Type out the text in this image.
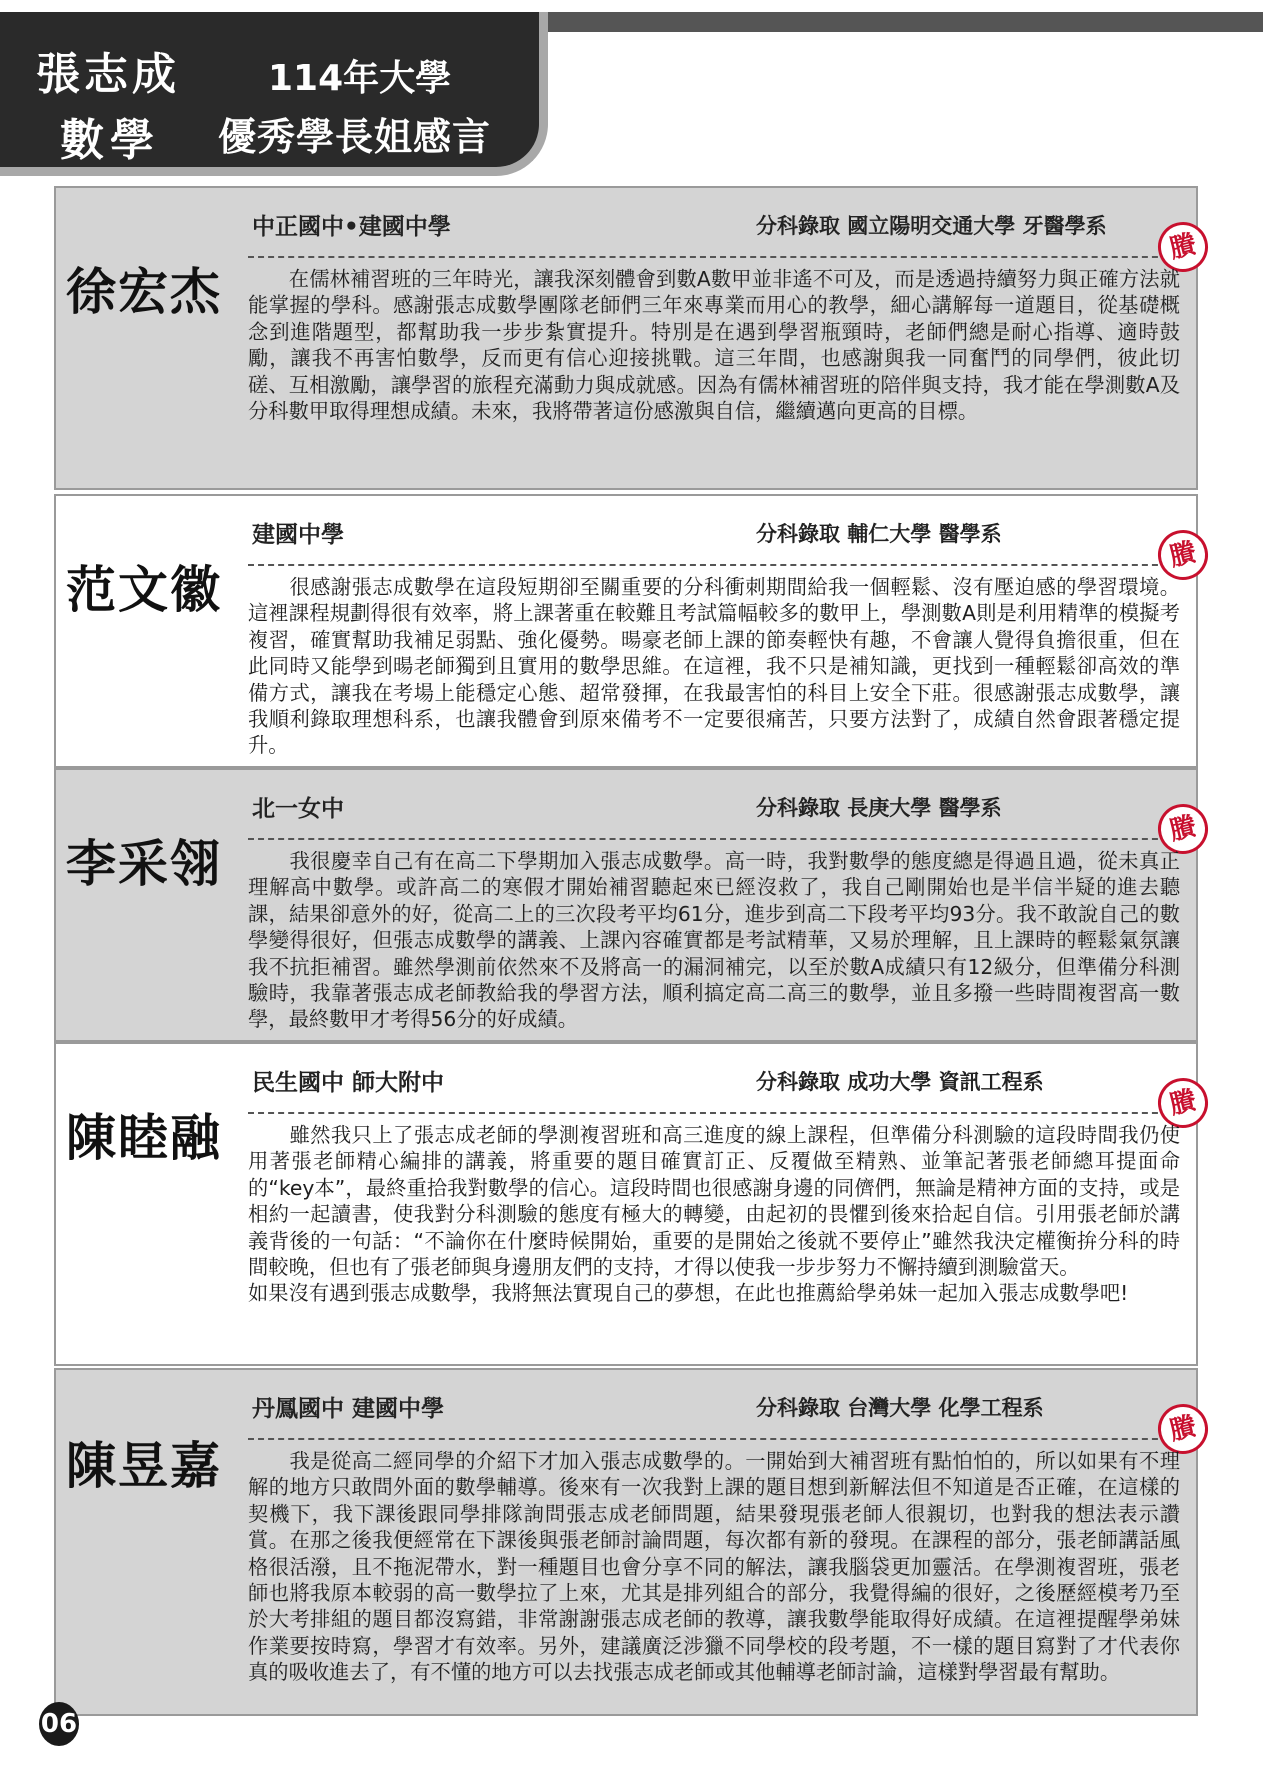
張志成
數學
114年大學
優秀學長姐感言
徐宏杰
中正國中•建國中學	分科錄取 國立陽明交通大學 牙醫學系
賸
　　在儒林補習班的三年時光，讓我深刻體會到數A數甲並非遙不可及，而是透過持續努力與正確方法就能掌握的學科。感謝張志成數學團隊老師們三年來專業而用心的教學，細心講解每一道題目，從基礎概念到進階題型，都幫助我一步步紮實提升。特別是在遇到學習瓶頸時，老師們總是耐心指導、適時鼓勵，讓我不再害怕數學，反而更有信心迎接挑戰。這三年間，也感謝與我一同奮鬥的同學們，彼此切磋、互相激勵，讓學習的旅程充滿動力與成就感。因為有儒林補習班的陪伴與支持，我才能在學測數A及分科數甲取得理想成績。未來，我將帶著這份感激與自信，繼續邁向更高的目標。
范文徽
建國中學	分科錄取 輔仁大學 醫學系
賸
　　很感謝張志成數學在這段短期卻至關重要的分科衝刺期間給我一個輕鬆、沒有壓迫感的學習環境。這裡課程規劃得很有效率，將上課著重在較難且考試篇幅較多的數甲上，學測數A則是利用精準的模擬考複習，確實幫助我補足弱點、強化優勢。暘豪老師上課的節奏輕快有趣，不會讓人覺得負擔很重，但在此同時又能學到暘老師獨到且實用的數學思維。在這裡，我不只是補知識，更找到一種輕鬆卻高效的準備方式，讓我在考場上能穩定心態、超常發揮，在我最害怕的科目上安全下莊。很感謝張志成數學，讓我順利錄取理想科系，也讓我體會到原來備考不一定要很痛苦，只要方法對了，成績自然會跟著穩定提升。
李采翎
北一女中	分科錄取 長庚大學 醫學系
賸
　　我很慶幸自己有在高二下學期加入張志成數學。高一時，我對數學的態度總是得過且過，從未真正理解高中數學。或許高二的寒假才開始補習聽起來已經沒救了，我自己剛開始也是半信半疑的進去聽課，結果卻意外的好，從高二上的三次段考平均61分，進步到高二下段考平均93分。我不敢說自己的數學變得很好，但張志成數學的講義、上課內容確實都是考試精華，又易於理解，且上課時的輕鬆氣氛讓我不抗拒補習。雖然學測前依然來不及將高一的漏洞補完，以至於數A成績只有12級分，但準備分科測驗時，我靠著張志成老師教給我的學習方法，順利搞定高二高三的數學，並且多撥一些時間複習高一數學，最終數甲才考得56分的好成績。
陳睦融
民生國中 師大附中	分科錄取 成功大學 資訊工程系
賸
　　雖然我只上了張志成老師的學測複習班和高三進度的線上課程，但準備分科測驗的這段時間我仍使用著張老師精心編排的講義，將重要的題目確實訂正、反覆做至精熟、並筆記著張老師總耳提面命的“key本”，最終重拾我對數學的信心。這段時間也很感謝身邊的同儕們，無論是精神方面的支持，或是相約一起讀書，使我對分科測驗的態度有極大的轉變，由起初的畏懼到後來拾起自信。引用張老師於講義背後的一句話：“不論你在什麼時候開始，重要的是開始之後就不要停止”雖然我決定權衡拚分科的時間較晚，但也有了張老師與身邊朋友們的支持，才得以使我一步步努力不懈持續到測驗當天。
如果沒有遇到張志成數學，我將無法實現自己的夢想，在此也推薦給學弟妹一起加入張志成數學吧!
陳昱嘉
丹鳳國中 建國中學	分科錄取 台灣大學 化學工程系
賸
　　我是從高二經同學的介紹下才加入張志成數學的。一開始到大補習班有點怕怕的，所以如果有不理解的地方只敢問外面的數學輔導。後來有一次我對上課的題目想到新解法但不知道是否正確，在這樣的契機下，我下課後跟同學排隊詢問張志成老師問題，結果發現張老師人很親切，也對我的想法表示讚賞。在那之後我便經常在下課後與張老師討論問題，每次都有新的發現。在課程的部分，張老師講話風格很活潑，且不拖泥帶水，對一種題目也會分享不同的解法，讓我腦袋更加靈活。在學測複習班，張老師也將我原本較弱的高一數學拉了上來，尤其是排列組合的部分，我覺得編的很好，之後歷經模考乃至於大考排組的題目都沒寫錯，非常謝謝張志成老師的教導，讓我數學能取得好成績。在這裡提醒學弟妹作業要按時寫，學習才有效率。另外，建議廣泛涉獵不同學校的段考題，不一樣的題目寫對了才代表你真的吸收進去了，有不懂的地方可以去找張志成老師或其他輔導老師討論，這樣對學習最有幫助。
06
